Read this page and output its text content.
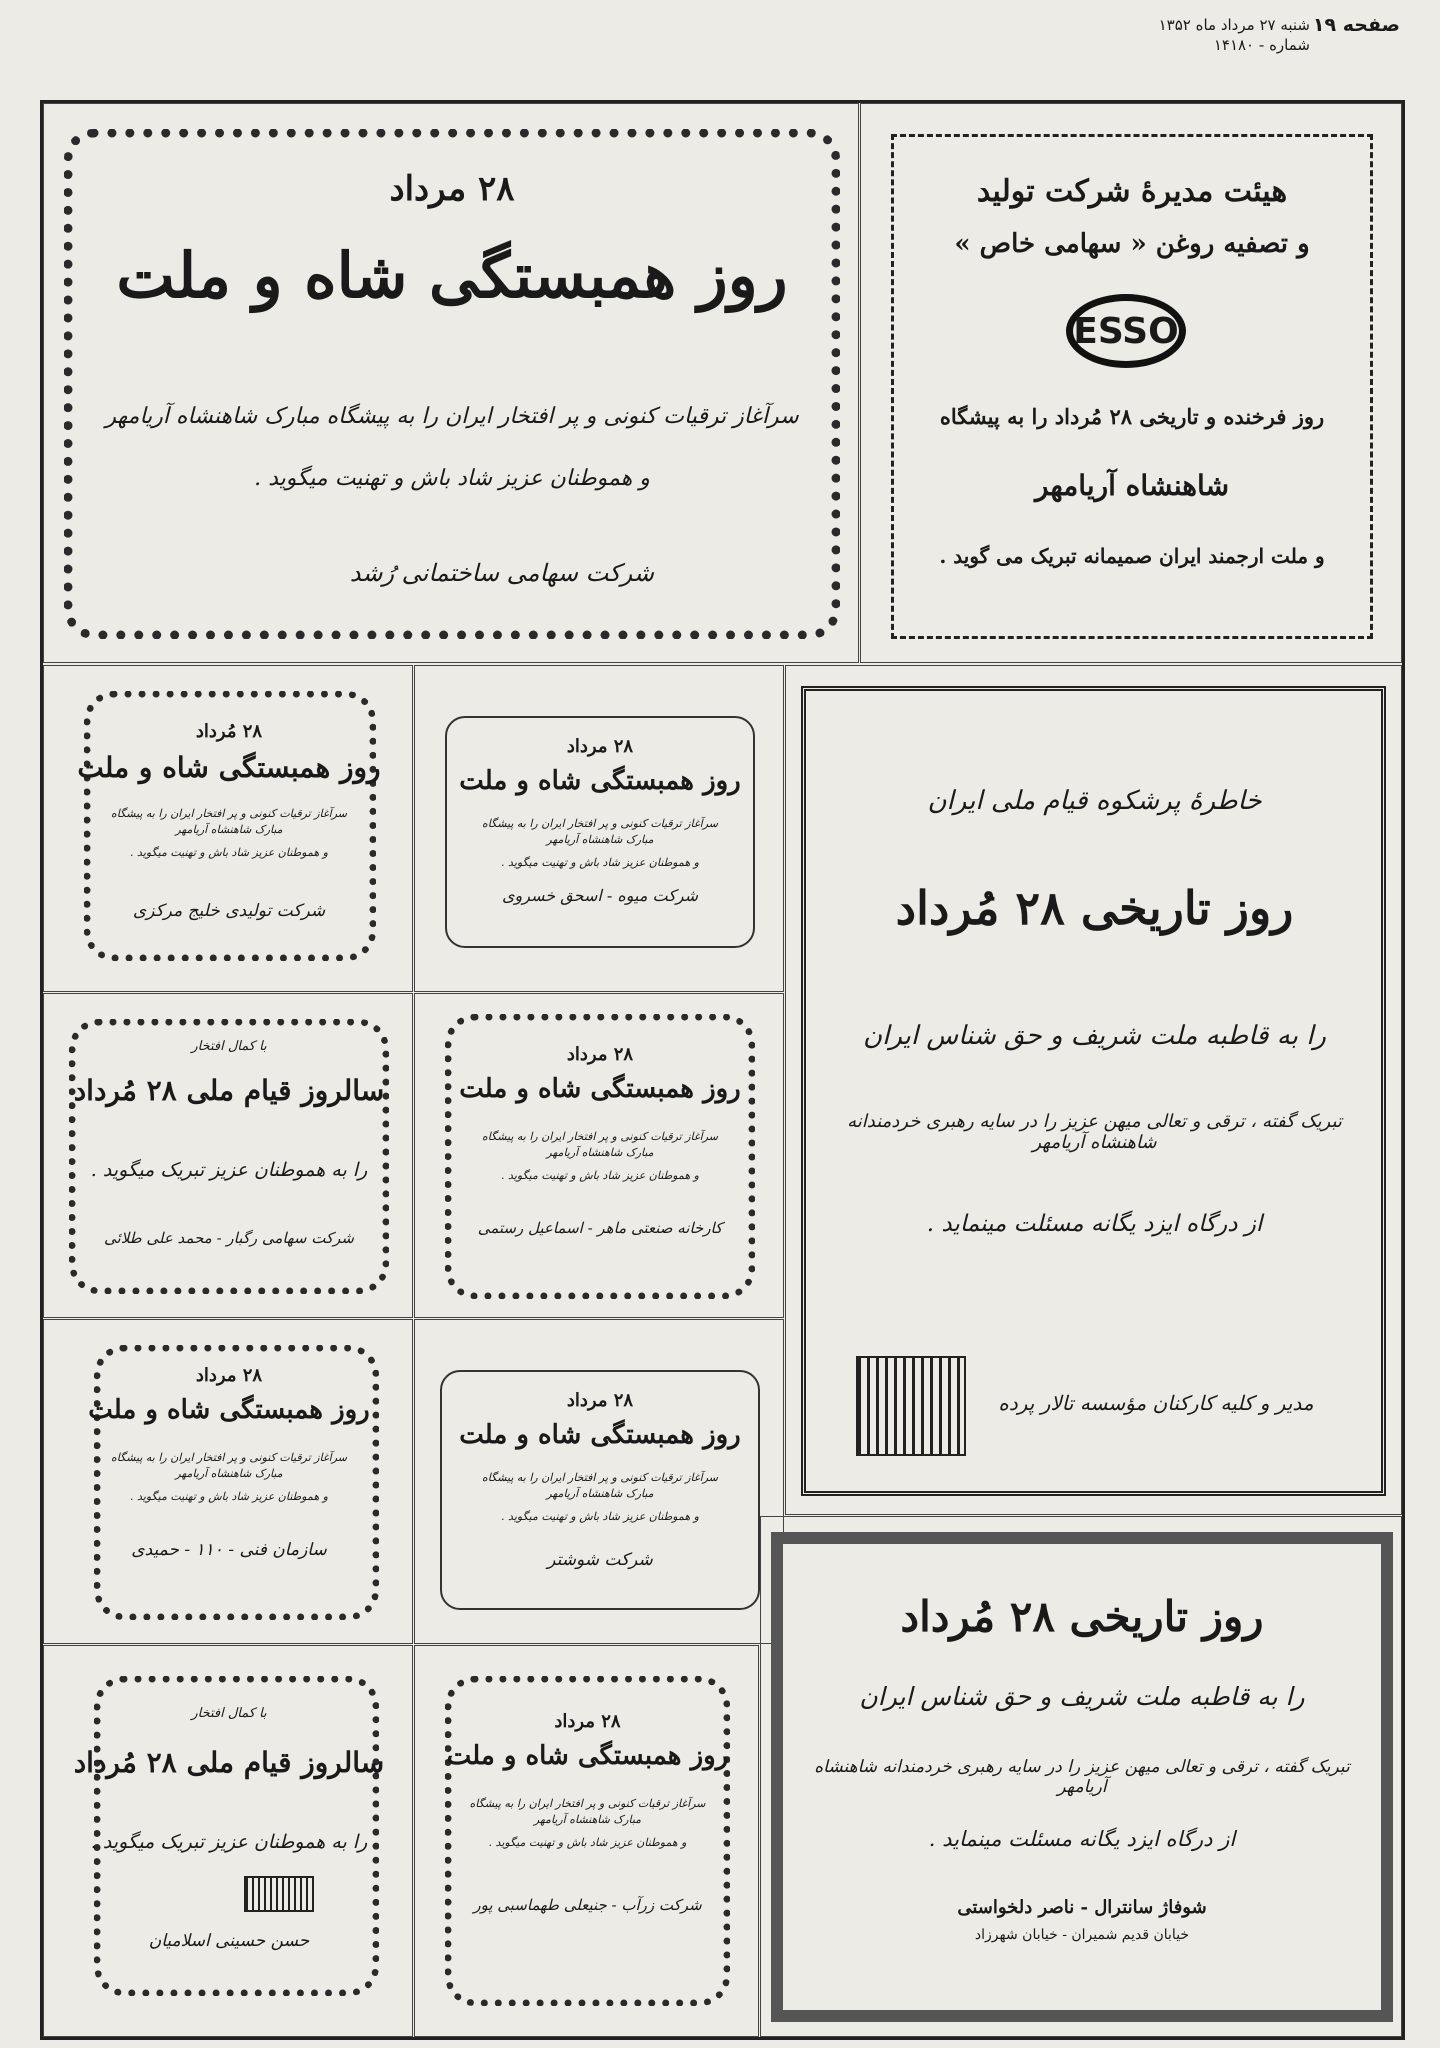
صفحه ۱۹
شنبه ۲۷ مرداد ماه ۱۳۵۲
شماره - ۱۴۱۸۰
۲۸ مرداد
روز همبستگی شاه و ملت
سرآغاز ترقیات کنونی و پر افتخار ایران را به پیشگاه مبارک شاهنشاه آریامهر
و هموطنان عزیز شاد باش و تهنیت میگوید .
شرکت سهامی ساختمانی رُشد
هیئت مدیرهٔ شرکت تولید
و تصفیه روغن « سهامی خاص »
ESSO
روز فرخنده و تاریخی ۲۸ مُرداد را به پیشگاه
شاهنشاه آریامهر
و ملت ارجمند ایران صمیمانه تبریک می گوید .
۲۸ مُرداد
روز همبستگی شاه و ملت
سرآغاز ترقیات کنونی و پر افتخار ایران را به پیشگاه مبارک شاهنشاه آریامهر
و هموطنان عزیز شاد باش و تهنیت میگوید .
شرکت تولیدی خلیج مرکزی
۲۸ مرداد
روز همبستگی شاه و ملت
سرآغاز ترقیات کنونی و پر افتخار ایران را به پیشگاه مبارک شاهنشاه آریامهر
و هموطنان عزیز شاد باش و تهنیت میگوید .
شرکت میوه - اسحق خسروی
خاطرهٔ پرشکوه قیام ملی ایران
روز تاریخی ۲۸ مُرداد
را به قاطبه ملت شریف و حق شناس ایران
تبریک گفته ، ترقی و تعالی میهن عزیز را در سایه رهبری خردمندانه شاهنشاه آریامهر
از درگاه ایزد یگانه مسئلت مینماید .
مدیر و کلیه کارکنان مؤسسه تالار پرده
با کمال افتخار
سالروز قیام ملی ۲۸ مُرداد
را به هموطنان عزیز تبریک میگوید .
شرکت سهامی رگبار - محمد علی طلائی
۲۸ مرداد
روز همبستگی شاه و ملت
سرآغاز ترقیات کنونی و پر افتخار ایران را به پیشگاه مبارک شاهنشاه آریامهر
و هموطنان عزیز شاد باش و تهنیت میگوید .
کارخانه صنعتی ماهر - اسماعیل رستمی
۲۸ مرداد
روز همبستگی شاه و ملت
سرآغاز ترقیات کنونی و پر افتخار ایران را به پیشگاه مبارک شاهنشاه آریامهر
و هموطنان عزیز شاد باش و تهنیت میگوید .
سازمان فنی - ۱۱۰ - حمیدی
۲۸ مرداد
روز همبستگی شاه و ملت
سرآغاز ترقیات کنونی و پر افتخار ایران را به پیشگاه مبارک شاهنشاه آریامهر
و هموطنان عزیز شاد باش و تهنیت میگوید .
شرکت شوشتر
روز تاریخی ۲۸ مُرداد
را به قاطبه ملت شریف و حق شناس ایران
تبریک گفته ، ترقی و تعالی میهن عزیز را در سایه رهبری خردمندانه شاهنشاه آریامهر
از درگاه ایزد یگانه مسئلت مینماید .
شوفاژ سانترال - ناصر دلخواستی
خیابان قدیم شمیران - خیابان شهرزاد
با کمال افتخار
سالروز قیام ملی ۲۸ مُرداد
را به هموطنان عزیز تبریک میگوید .
حسن حسینی اسلامیان
۲۸ مرداد
روز همبستگی شاه و ملت
سرآغاز ترقیات کنونی و پر افتخار ایران را به پیشگاه مبارک شاهنشاه آریامهر
و هموطنان عزیز شاد باش و تهنیت میگوید .
شرکت زرآب - جنیعلی طهماسبی پور
